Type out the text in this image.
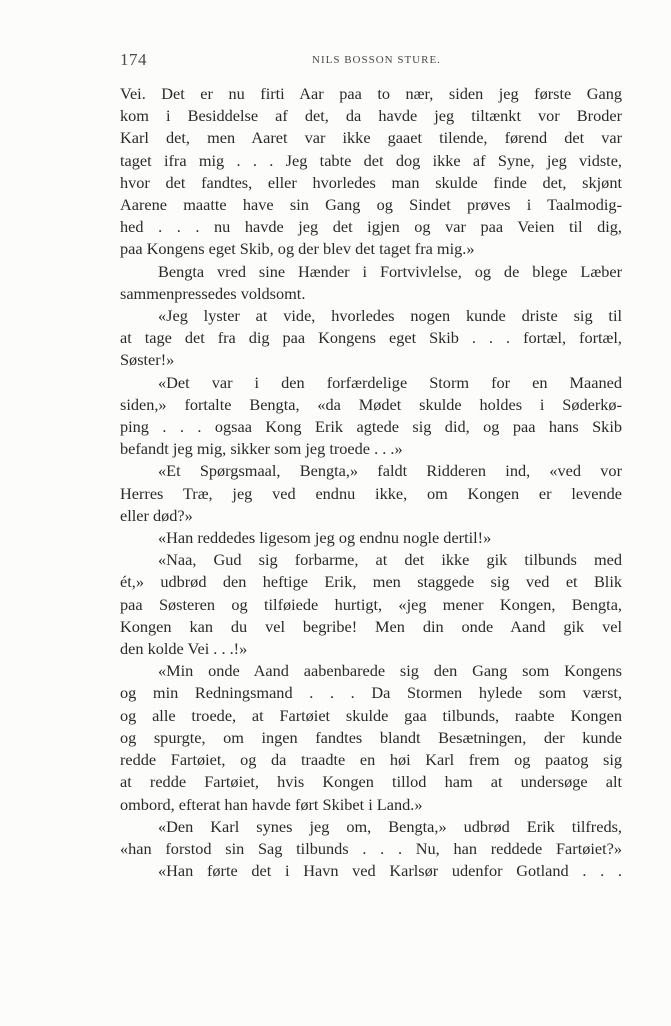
174	NILS BOSSON STURE.
Vei. Det er nu firti Aar paa to nær, siden jeg første Gang
kom i Besiddelse af det, da havde jeg tiltænkt vor Broder
Karl det, men Aaret var ikke gaaet tilende, førend det var
taget ifra mig . . . Jeg tabte det dog ikke af Syne, jeg vidste,
hvor det fandtes, eller hvorledes man skulde finde det, skjønt
Aarene maatte have sin Gang og Sindet prøves i Taalmodig-
hed . . . nu havde jeg det igjen og var paa Veien til dig,
paa Kongens eget Skib, og der blev det taget fra mig.»
Bengta vred sine Hænder i Fortvivlelse, og de blege Læber
sammenpressedes voldsomt.
«Jeg lyster at vide, hvorledes nogen kunde driste sig til
at tage det fra dig paa Kongens eget Skib . . . fortæl, fortæl,
Søster!»
«Det var i den forfærdelige Storm for en Maaned
siden,» fortalte Bengta, «da Mødet skulde holdes i Søderkø-
ping . . . ogsaa Kong Erik agtede sig did, og paa hans Skib
befandt jeg mig, sikker som jeg troede . . .»
«Et Spørgsmaal, Bengta,» faldt Ridderen ind, «ved vor
Herres Træ, jeg ved endnu ikke, om Kongen er levende
eller død?»
«Han reddedes ligesom jeg og endnu nogle dertil!»
«Naa, Gud sig forbarme, at det ikke gik tilbunds med
ét,» udbrød den heftige Erik, men staggede sig ved et Blik
paa Søsteren og tilføiede hurtigt, «jeg mener Kongen, Bengta,
Kongen kan du vel begribe! Men din onde Aand gik vel
den kolde Vei . . .!»
«Min onde Aand aabenbarede sig den Gang som Kongens
og min Redningsmand . . . Da Stormen hylede som værst,
og alle troede, at Fartøiet skulde gaa tilbunds, raabte Kongen
og spurgte, om ingen fandtes blandt Besætningen, der kunde
redde Fartøiet, og da traadte en høi Karl frem og paatog sig
at redde Fartøiet, hvis Kongen tillod ham at undersøge alt
ombord, efterat han havde ført Skibet i Land.»
«Den Karl synes jeg om, Bengta,» udbrød Erik tilfreds,
«han forstod sin Sag tilbunds . . . Nu, han reddede Fartøiet?»
«Han førte det i Havn ved Karlsør udenfor Gotland . . .
